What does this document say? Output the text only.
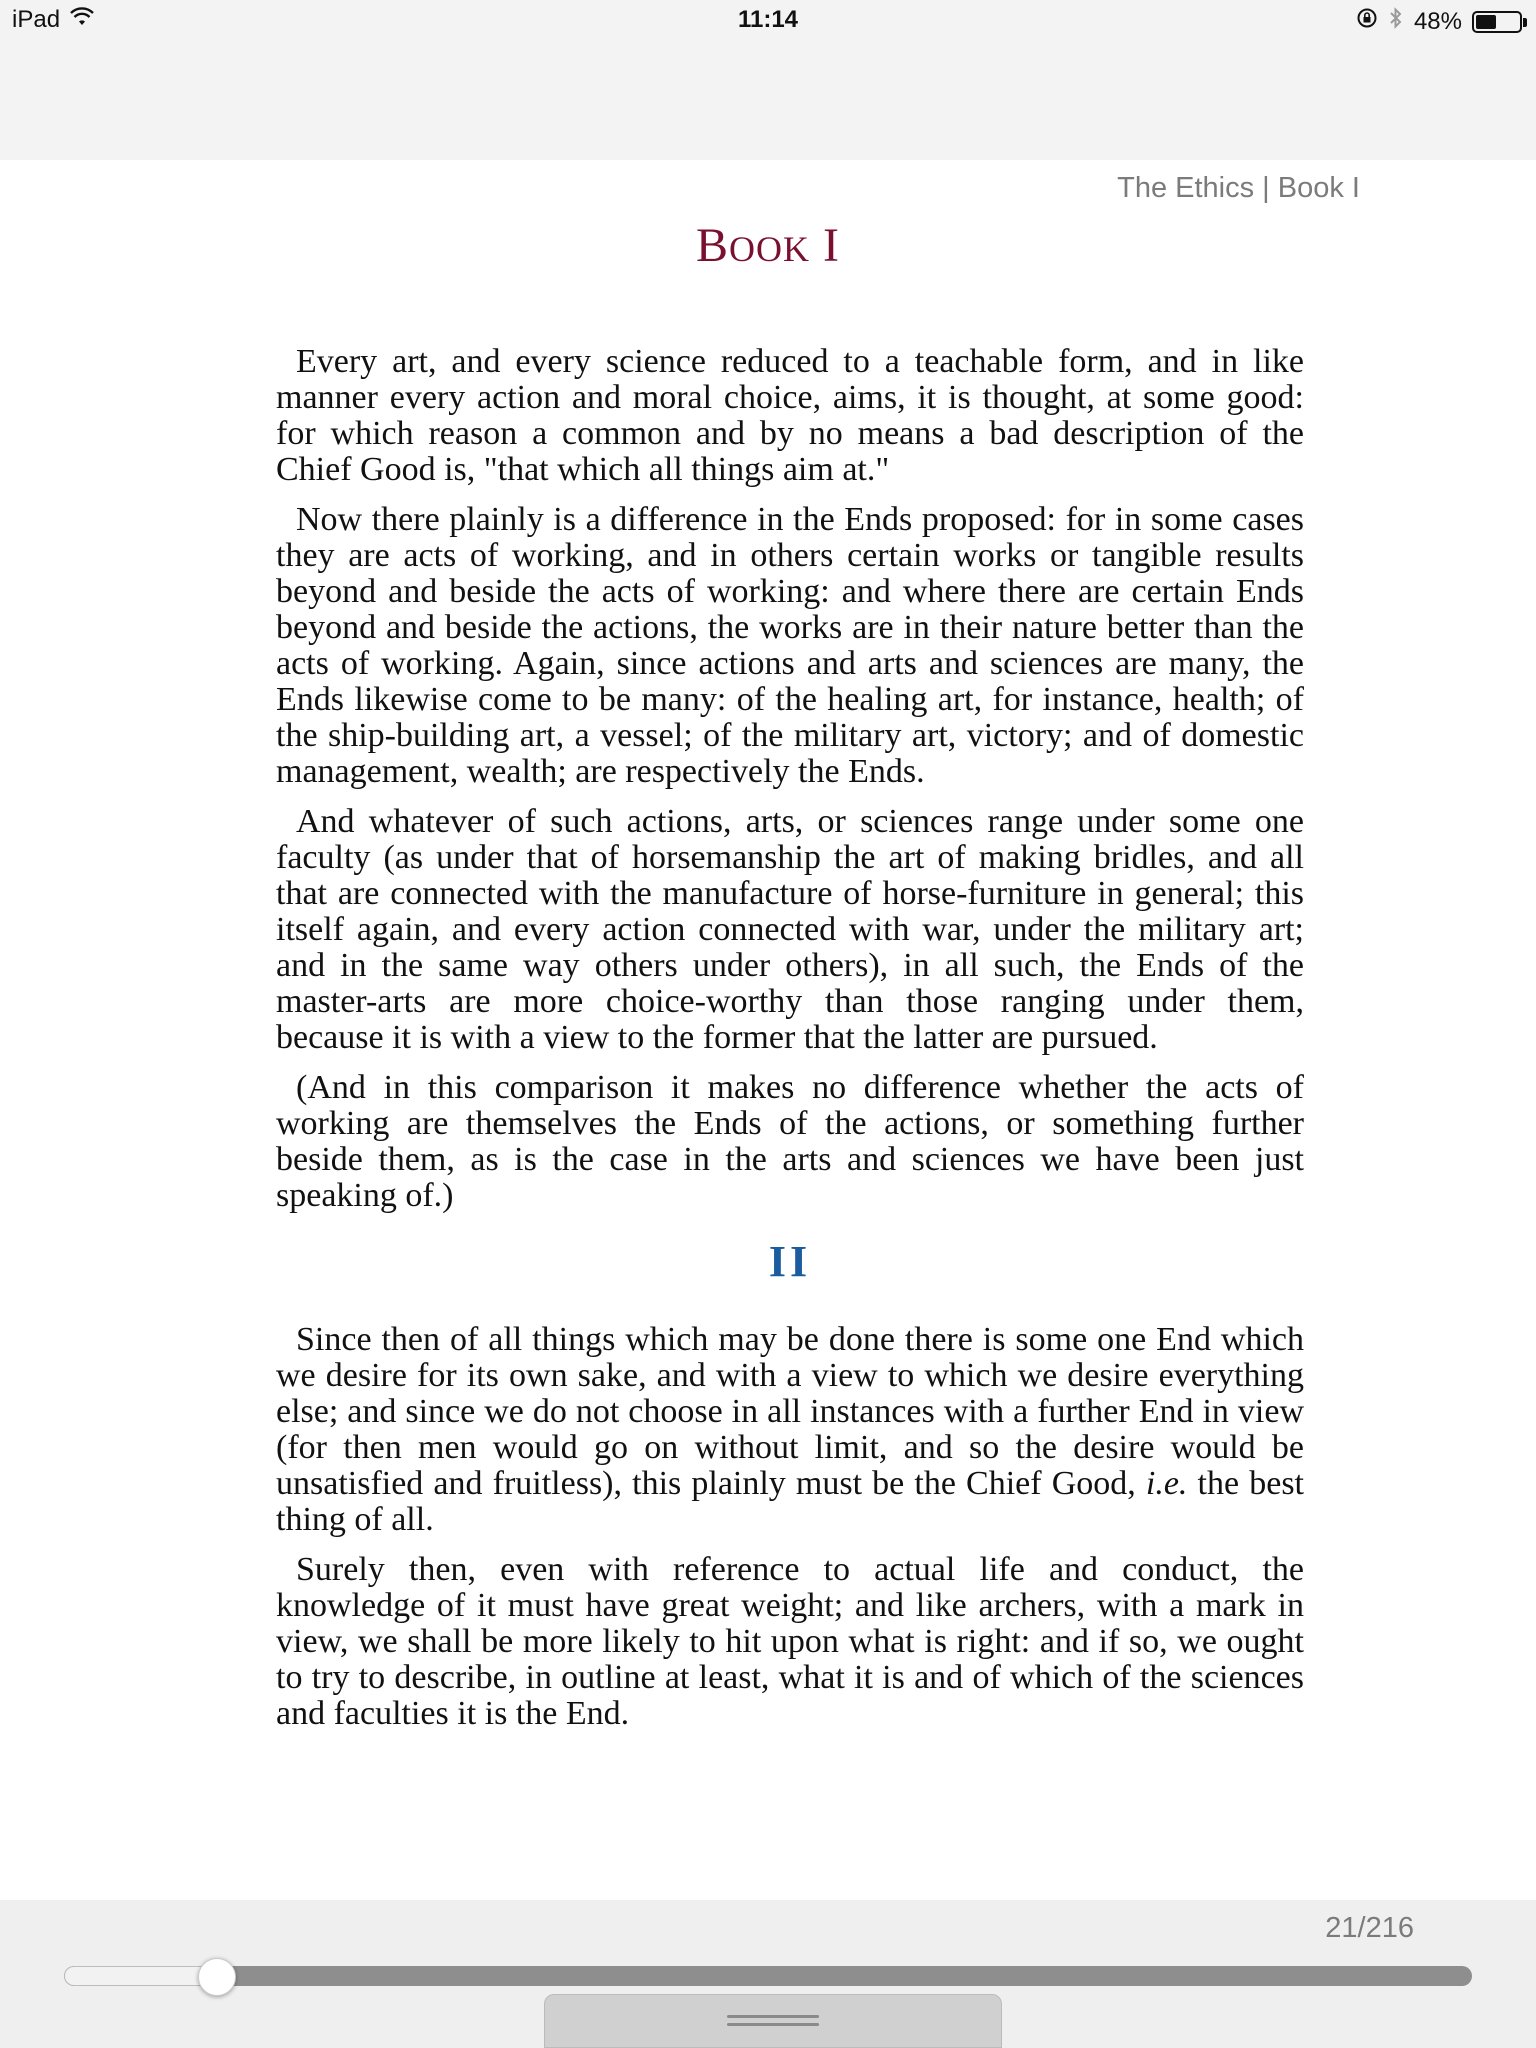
iPad	11:14	48%
The Ethics | Book I
BOOK I

Every art, and every science reduced to a teachable form, and in like manner every action and moral choice, aims, it is thought, at some good: for which reason a common and by no means a bad description of the Chief Good is, "that which all things aim at."

Now there plainly is a difference in the Ends proposed: for in some cases they are acts of working, and in others certain works or tangible results beyond and beside the acts of working: and where there are certain Ends beyond and beside the actions, the works are in their nature better than the acts of working. Again, since actions and arts and sciences are many, the Ends likewise come to be many: of the healing art, for instance, health; of the ship-building art, a vessel; of the military art, victory; and of domestic management, wealth; are respectively the Ends.

And whatever of such actions, arts, or sciences range under some one faculty (as under that of horsemanship the art of making bridles, and all that are connected with the manufacture of horse-furniture in general; this itself again, and every action connected with war, under the military art; and in the same way others under others), in all such, the Ends of the master-arts are more choice-worthy than those ranging under them, because it is with a view to the former that the latter are pursued.

(And in this comparison it makes no difference whether the acts of working are themselves the Ends of the actions, or something further beside them, as is the case in the arts and sciences we have been just speaking of.)

II

Since then of all things which may be done there is some one End which we desire for its own sake, and with a view to which we desire everything else; and since we do not choose in all instances with a further End in view (for then men would go on without limit, and so the desire would be unsatisfied and fruitless), this plainly must be the Chief Good, i.e. the best thing of all.

Surely then, even with reference to actual life and conduct, the knowledge of it must have great weight; and like archers, with a mark in view, we shall be more likely to hit upon what is right: and if so, we ought to try to describe, in outline at least, what it is and of which of the sciences and faculties it is the End.

21/216
